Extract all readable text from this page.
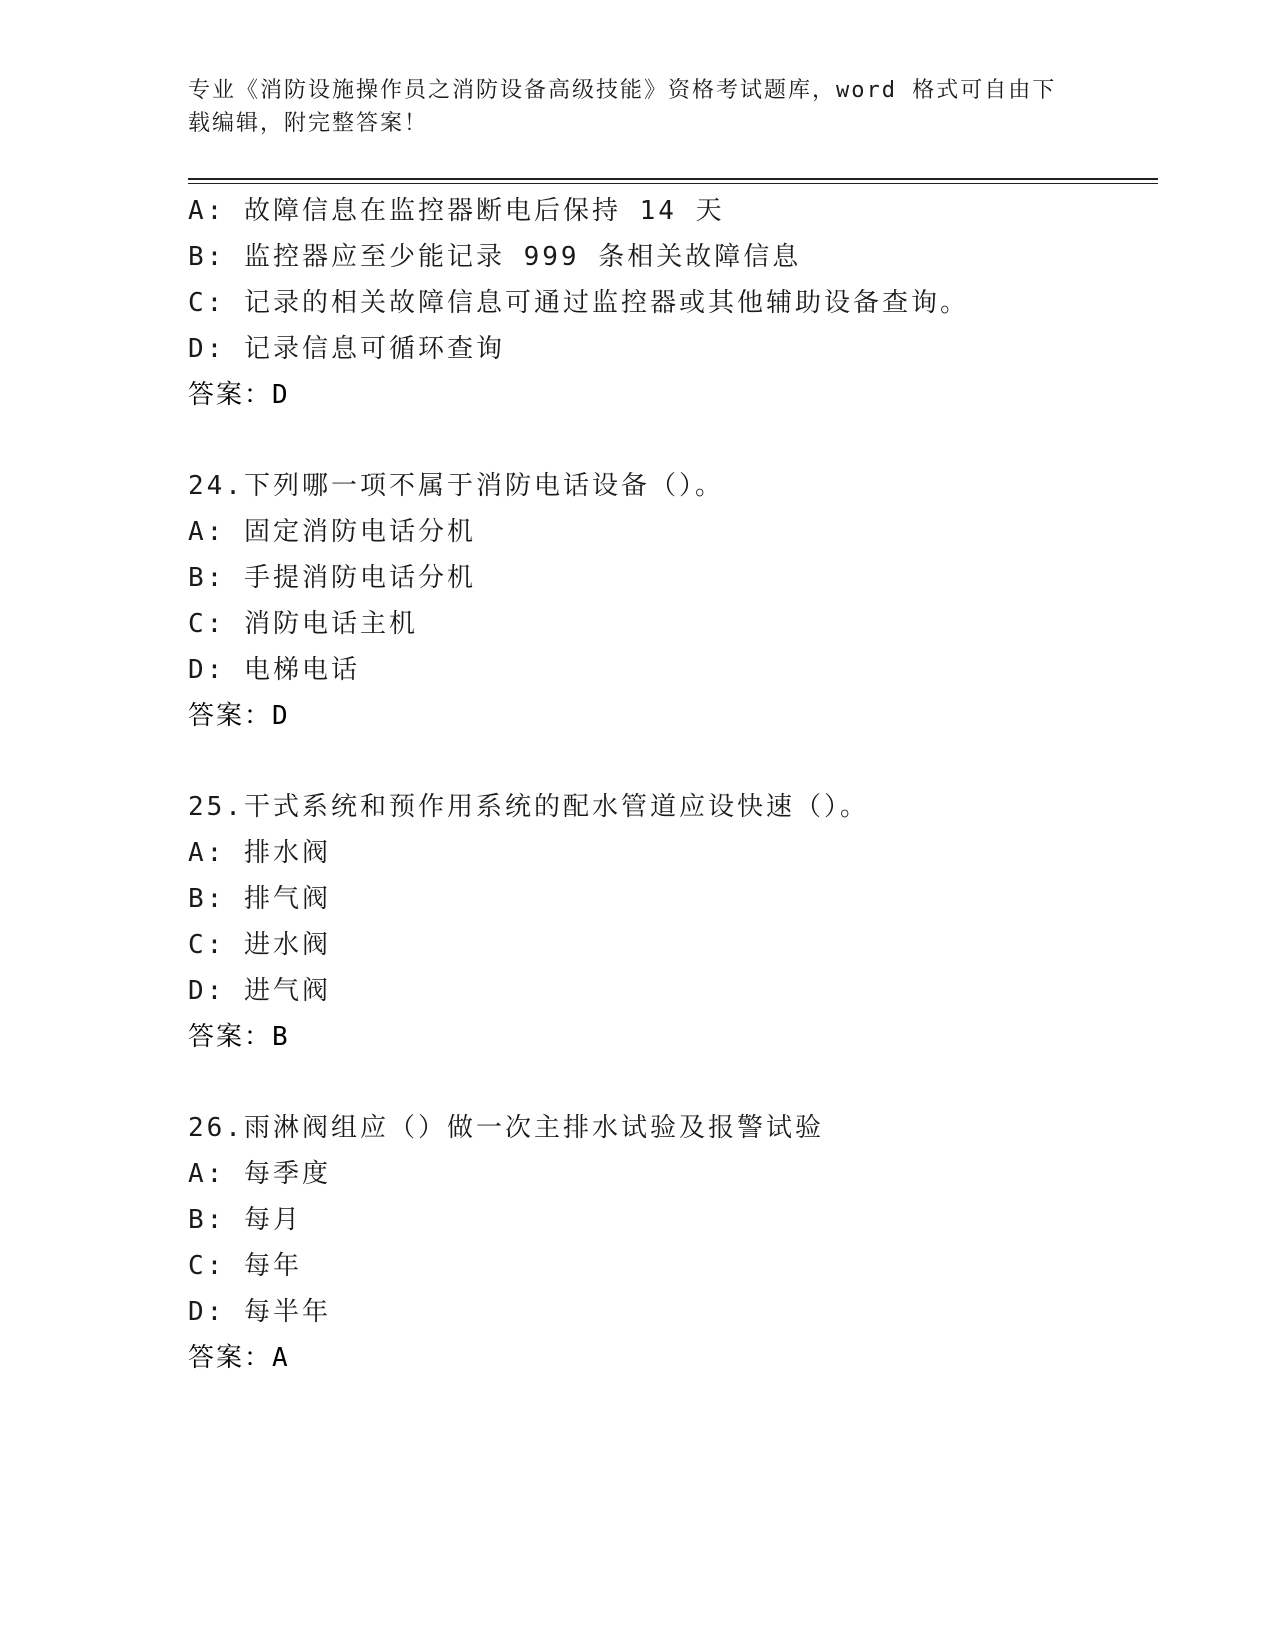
专业《消防设施操作员之消防设备高级技能》资格考试题库，word 格式可自由下
载编辑，附完整答案！
A: 故障信息在监控器断电后保持 14 天
B: 监控器应至少能记录 999 条相关故障信息
C: 记录的相关故障信息可通过监控器或其他辅助设备查询。
D: 记录信息可循环查询
答案：D
24.下列哪一项不属于消防电话设备（）。
A: 固定消防电话分机
B: 手提消防电话分机
C: 消防电话主机
D: 电梯电话
答案：D
25.干式系统和预作用系统的配水管道应设快速（）。
A: 排水阀
B: 排气阀
C: 进水阀
D: 进气阀
答案：B
26.雨淋阀组应（）做一次主排水试验及报警试验
A: 每季度
B: 每月
C: 每年
D: 每半年
答案：A
